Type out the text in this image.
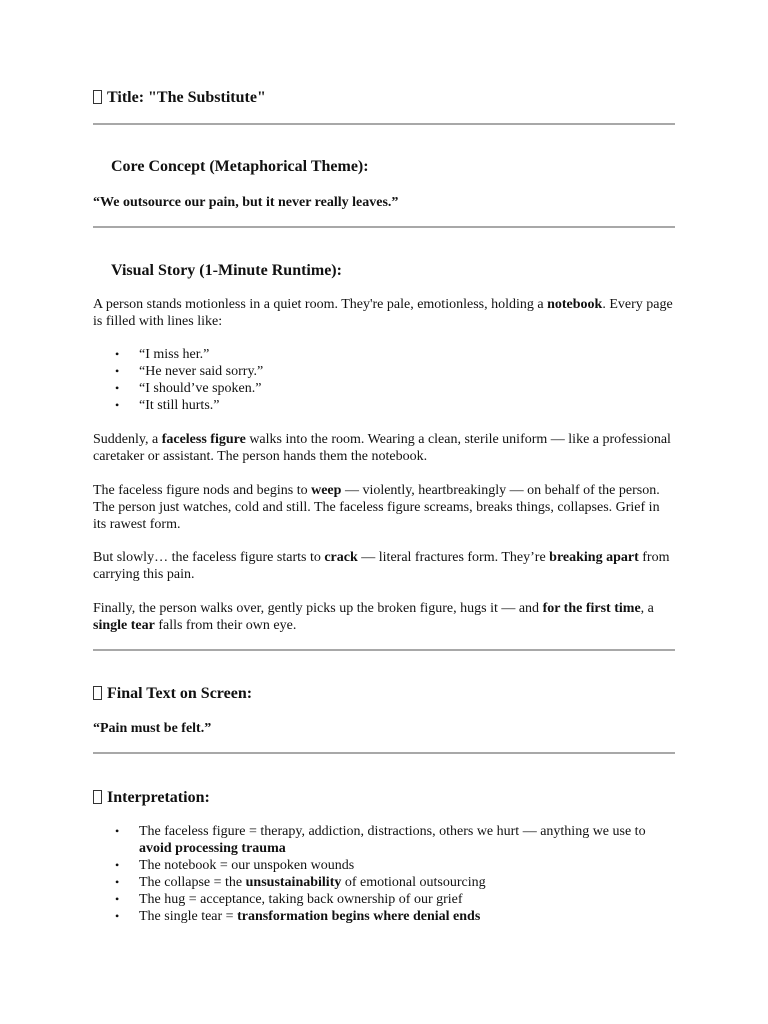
Title: "The Substitute"
Core Concept (Metaphorical Theme):

“We outsource our pain, but it never really leaves.”

Visual Story (1-Minute Runtime):

A person stands motionless in a quiet room. They're pale, emotionless, holding a notebook. Every page is filled with lines like:

• “I miss her.”
• “He never said sorry.”
• “I should’ve spoken.”
• “It still hurts.”

Suddenly, a faceless figure walks into the room. Wearing a clean, sterile uniform — like a professional caretaker or assistant. The person hands them the notebook.

The faceless figure nods and begins to weep — violently, heartbreakingly — on behalf of the person. The person just watches, cold and still. The faceless figure screams, breaks things, collapses. Grief in its rawest form.

But slowly… the faceless figure starts to crack — literal fractures form. They’re breaking apart from carrying this pain.

Finally, the person walks over, gently picks up the broken figure, hugs it — and for the first time, a single tear falls from their own eye.

Final Text on Screen:

“Pain must be felt.”

Interpretation:
• The faceless figure = therapy, addiction, distractions, others we hurt — anything we use to avoid processing trauma
• The notebook = our unspoken wounds
• The collapse = the unsustainability of emotional outsourcing
• The hug = acceptance, taking back ownership of our grief
• The single tear = transformation begins where denial ends
